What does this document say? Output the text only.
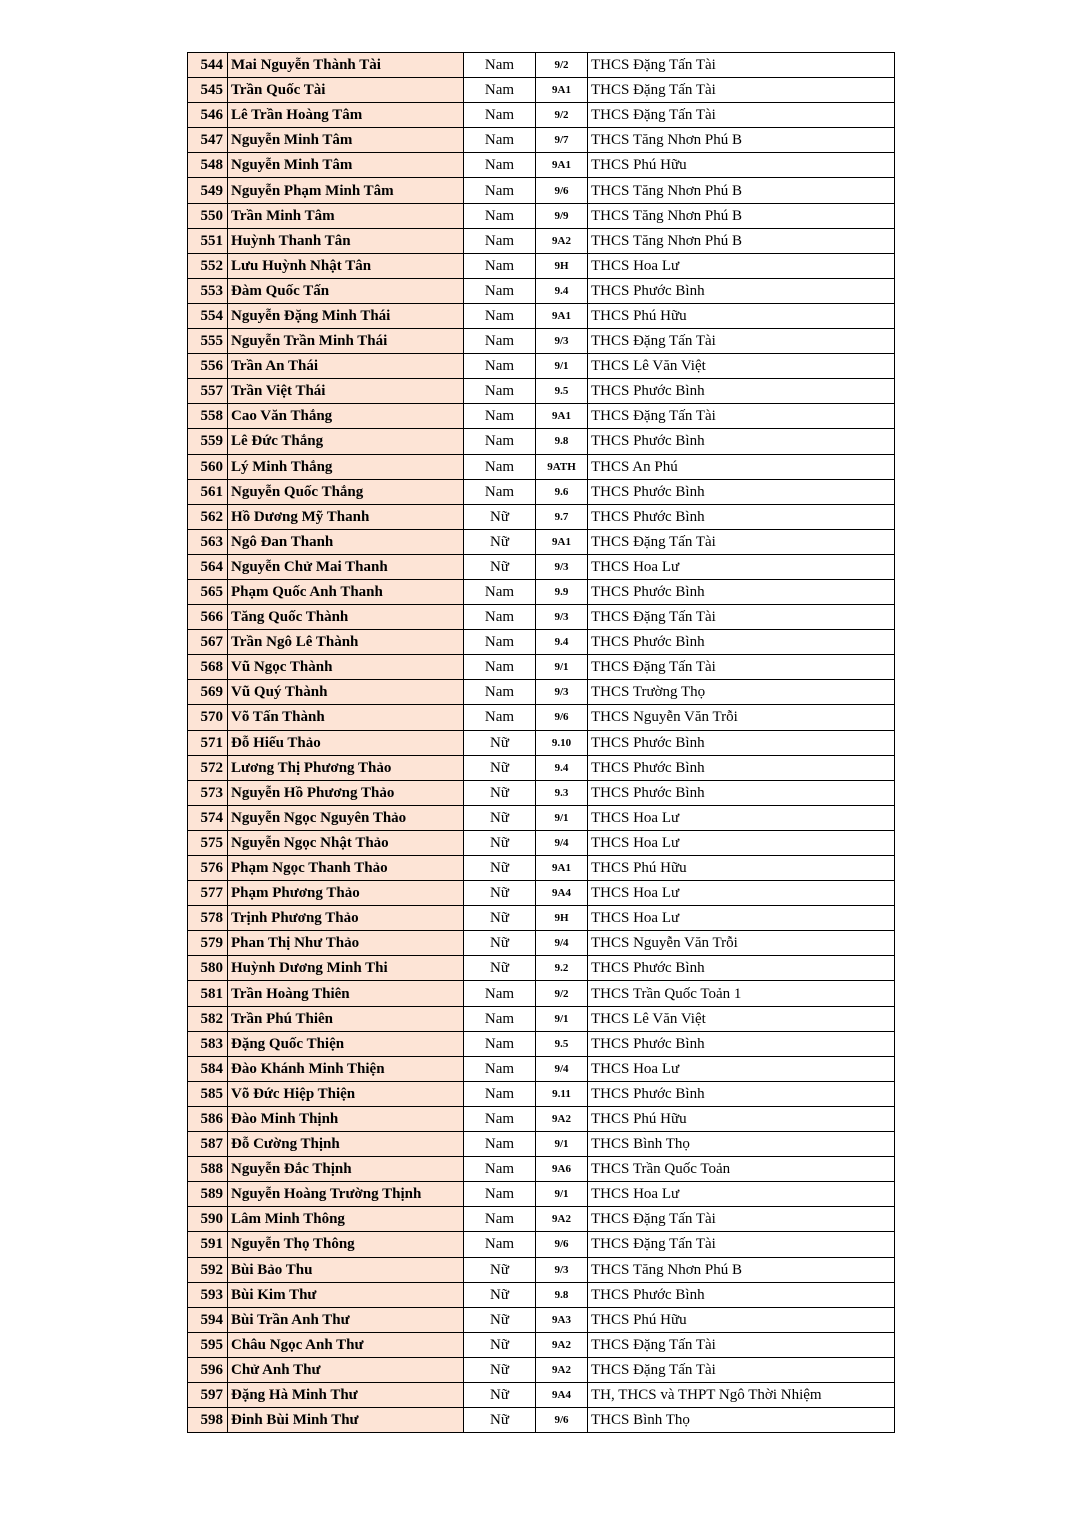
544	Mai Nguyễn Thành Tài	Nam	9/2	THCS Đặng Tấn Tài
545	Trần Quốc Tài	Nam	9A1	THCS Đặng Tấn Tài
546	Lê Trần Hoàng Tâm	Nam	9/2	THCS Đặng Tấn Tài
547	Nguyễn Minh Tâm	Nam	9/7	THCS Tăng Nhơn Phú B
548	Nguyễn Minh Tâm	Nam	9A1	THCS Phú Hữu
549	Nguyễn Phạm Minh Tâm	Nam	9/6	THCS Tăng Nhơn Phú B
550	Trần Minh Tâm	Nam	9/9	THCS Tăng Nhơn Phú B
551	Huỳnh Thanh Tân	Nam	9A2	THCS Tăng Nhơn Phú B
552	Lưu Huỳnh Nhật Tân	Nam	9H	THCS Hoa Lư
553	Đàm Quốc Tấn	Nam	9.4	THCS Phước Bình
554	Nguyễn Đặng Minh Thái	Nam	9A1	THCS Phú Hữu
555	Nguyễn Trần Minh Thái	Nam	9/3	THCS Đặng Tấn Tài
556	Trần An Thái	Nam	9/1	THCS Lê Văn Việt
557	Trần Việt Thái	Nam	9.5	THCS Phước Bình
558	Cao Văn Thắng	Nam	9A1	THCS Đặng Tấn Tài
559	Lê Đức Thắng	Nam	9.8	THCS Phước Bình
560	Lý Minh Thắng	Nam	9ATH	THCS An Phú
561	Nguyễn Quốc Thắng	Nam	9.6	THCS Phước Bình
562	Hồ Dương Mỹ Thanh	Nữ	9.7	THCS Phước Bình
563	Ngô Đan Thanh	Nữ	9A1	THCS Đặng Tấn Tài
564	Nguyễn Chử Mai Thanh	Nữ	9/3	THCS Hoa Lư
565	Phạm Quốc Anh Thanh	Nam	9.9	THCS Phước Bình
566	Tăng Quốc Thành	Nam	9/3	THCS Đặng Tấn Tài
567	Trần Ngô Lê Thành	Nam	9.4	THCS Phước Bình
568	Vũ Ngọc Thành	Nam	9/1	THCS Đặng Tấn Tài
569	Vũ Quý Thành	Nam	9/3	THCS Trường Thọ
570	Võ Tấn Thành	Nam	9/6	THCS Nguyễn Văn Trỗi
571	Đỗ Hiếu Thảo	Nữ	9.10	THCS Phước Bình
572	Lương Thị Phương Thảo	Nữ	9.4	THCS Phước Bình
573	Nguyễn Hồ Phương Thảo	Nữ	9.3	THCS Phước Bình
574	Nguyễn Ngọc Nguyên Thảo	Nữ	9/1	THCS Hoa Lư
575	Nguyễn Ngọc Nhật Thảo	Nữ	9/4	THCS Hoa Lư
576	Phạm Ngọc Thanh Thảo	Nữ	9A1	THCS Phú Hữu
577	Phạm Phương Thảo	Nữ	9A4	THCS Hoa Lư
578	Trịnh Phương Thảo	Nữ	9H	THCS Hoa Lư
579	Phan Thị Như Thảo	Nữ	9/4	THCS Nguyễn Văn Trỗi
580	Huỳnh Dương Minh Thi	Nữ	9.2	THCS Phước Bình
581	Trần Hoàng Thiên	Nam	9/2	THCS Trần Quốc Toản 1
582	Trần Phú Thiên	Nam	9/1	THCS Lê Văn Việt
583	Đặng Quốc Thiện	Nam	9.5	THCS Phước Bình
584	Đào Khánh Minh Thiện	Nam	9/4	THCS Hoa Lư
585	Võ Đức Hiệp Thiện	Nam	9.11	THCS Phước Bình
586	Đào Minh Thịnh	Nam	9A2	THCS Phú Hữu
587	Đỗ Cường Thịnh	Nam	9/1	THCS Bình Thọ
588	Nguyễn Đắc Thịnh	Nam	9A6	THCS Trần Quốc Toản
589	Nguyễn Hoàng Trường Thịnh	Nam	9/1	THCS Hoa Lư
590	Lâm Minh Thông	Nam	9A2	THCS Đặng Tấn Tài
591	Nguyễn Thọ Thông	Nam	9/6	THCS Đặng Tấn Tài
592	Bùi Bảo Thu	Nữ	9/3	THCS Tăng Nhơn Phú B
593	Bùi Kim Thư	Nữ	9.8	THCS Phước Bình
594	Bùi Trần Anh Thư	Nữ	9A3	THCS Phú Hữu
595	Châu Ngọc Anh Thư	Nữ	9A2	THCS Đặng Tấn Tài
596	Chử Anh Thư	Nữ	9A2	THCS Đặng Tấn Tài
597	Đặng Hà Minh Thư	Nữ	9A4	TH, THCS và THPT Ngô Thời Nhiệm
598	Đinh Bùi Minh Thư	Nữ	9/6	THCS Bình Thọ
